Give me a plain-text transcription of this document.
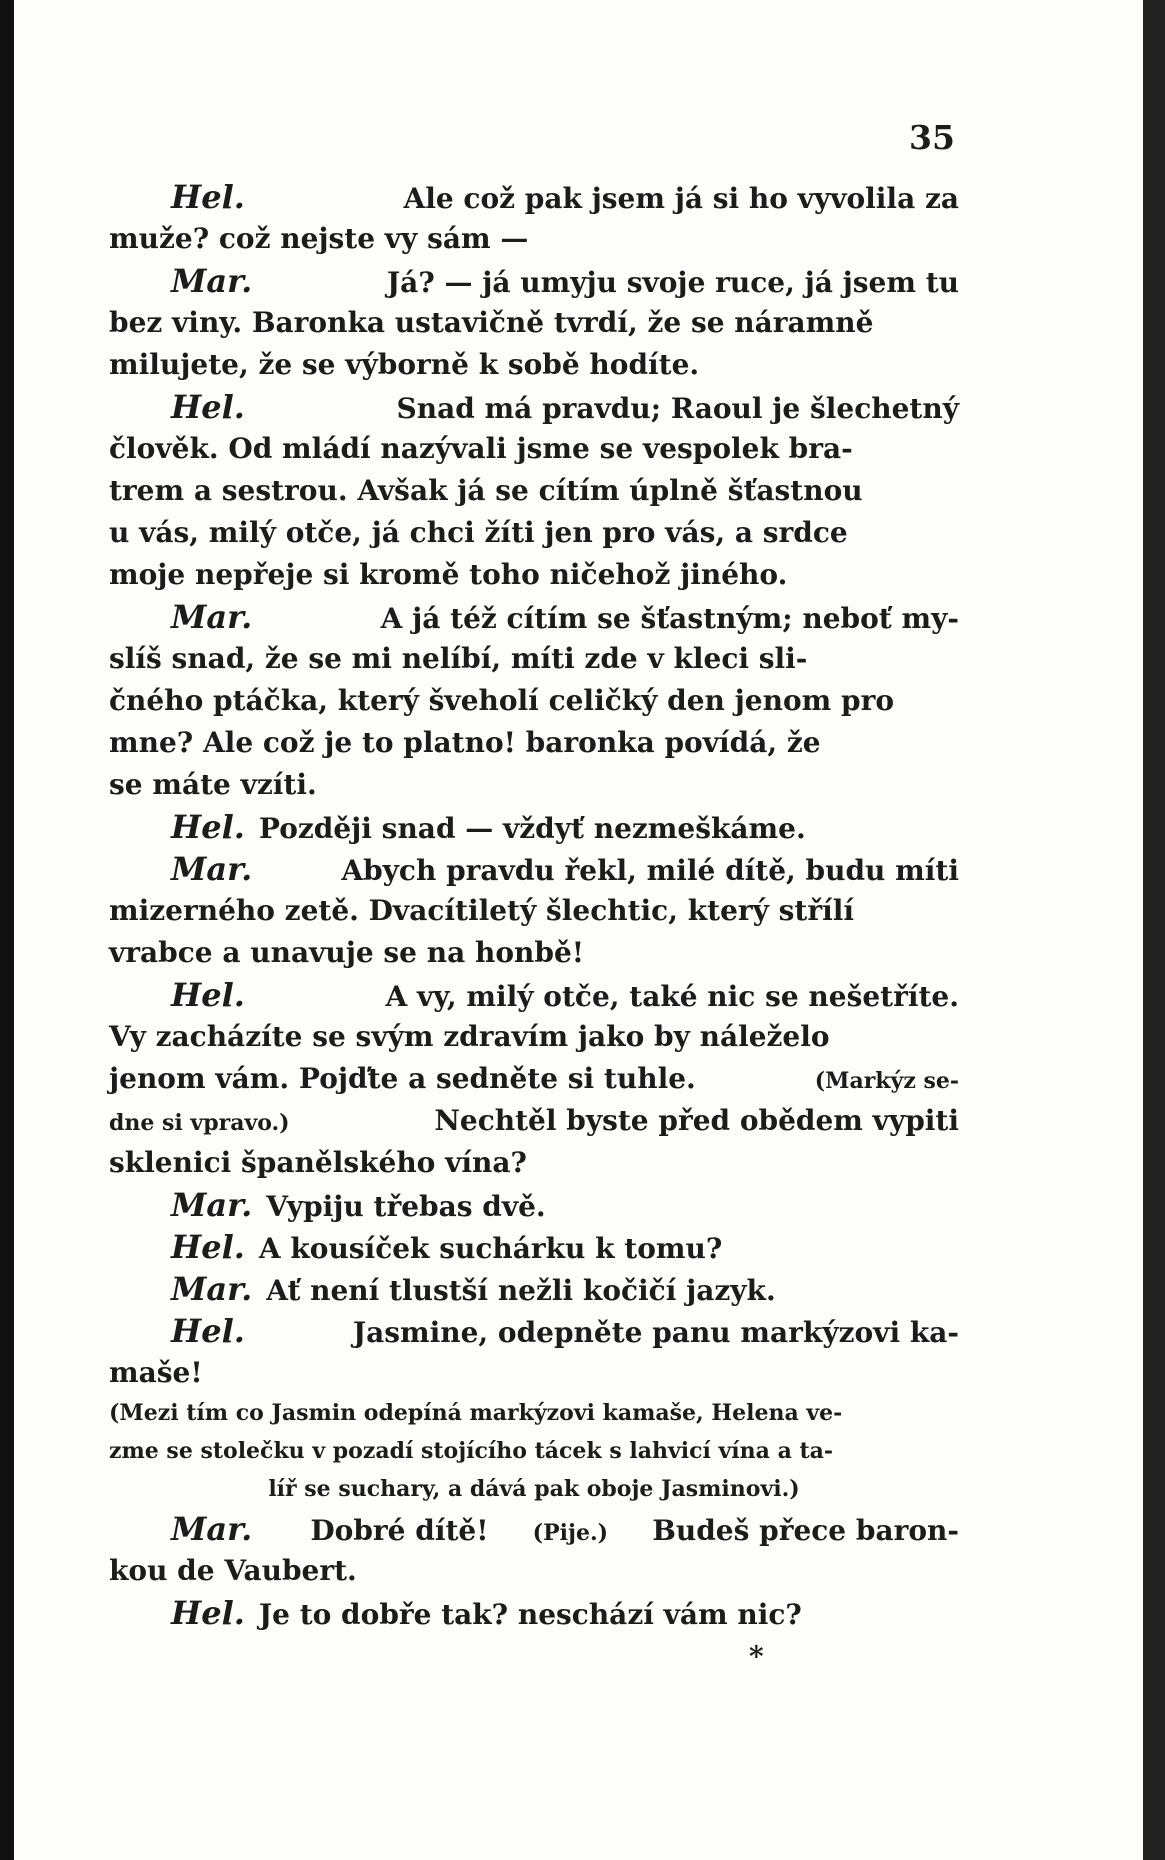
35
Hel.	Ale což pak jsem já si ho vyvolila za
muže? což nejste vy sám —
Mar.	Já? — já umyju svoje ruce, já jsem tu
bez viny. Baronka ustavičně tvrdí, že se náramně
milujete, že se výborně k sobě hodíte.
Hel.	Snad má pravdu; Raoul je šlechetný
člověk. Od mládí nazývali jsme se vespolek bra-
trem a sestrou. Avšak já se cítím úplně šťastnou
u vás, milý otče, já chci žíti jen pro vás, a srdce
moje nepřeje si kromě toho ničehož jiného.
Mar.	A já též cítím se šťastným; neboť my-
slíš snad, že se mi nelíbí, míti zde v kleci sli-
čného ptáčka, který šveholí celičký den jenom pro
mne? Ale což je to platno! baronka povídá, že
se máte vzíti.
Hel. Později snad — vždyť nezmeškáme.
Mar.	Abych pravdu řekl, milé dítě, budu míti
mizerného zetě. Dvacítiletý šlechtic, který střílí
vrabce a unavuje se na honbě!
Hel.	A vy, milý otče, také nic se nešetříte.
Vy zacházíte se svým zdravím jako by náleželo
jenom vám. Pojďte a sedněte si tuhle.	(Markýz se-
dne si vpravo.)	Nechtěl byste před obědem vypiti
sklenici španělského vína?
Mar. Vypiju třebas dvě.
Hel. A kousíček suchárku k tomu?
Mar. Ať není tlustší nežli kočičí jazyk.
Hel.	Jasmine, odepněte panu markýzovi ka-
maše!
(Mezi tím co Jasmin odepíná markýzovi kamaše, Helena ve-
zme se stolečku v pozadí stojícího tácek s lahvicí vína a ta-
líř se suchary, a dává pak oboje Jasminovi.)
Mar. Dobré dítě! (Pije.) Budeš přece baron-
kou de Vaubert.
Hel. Je to dobře tak? neschází vám nic?
*
